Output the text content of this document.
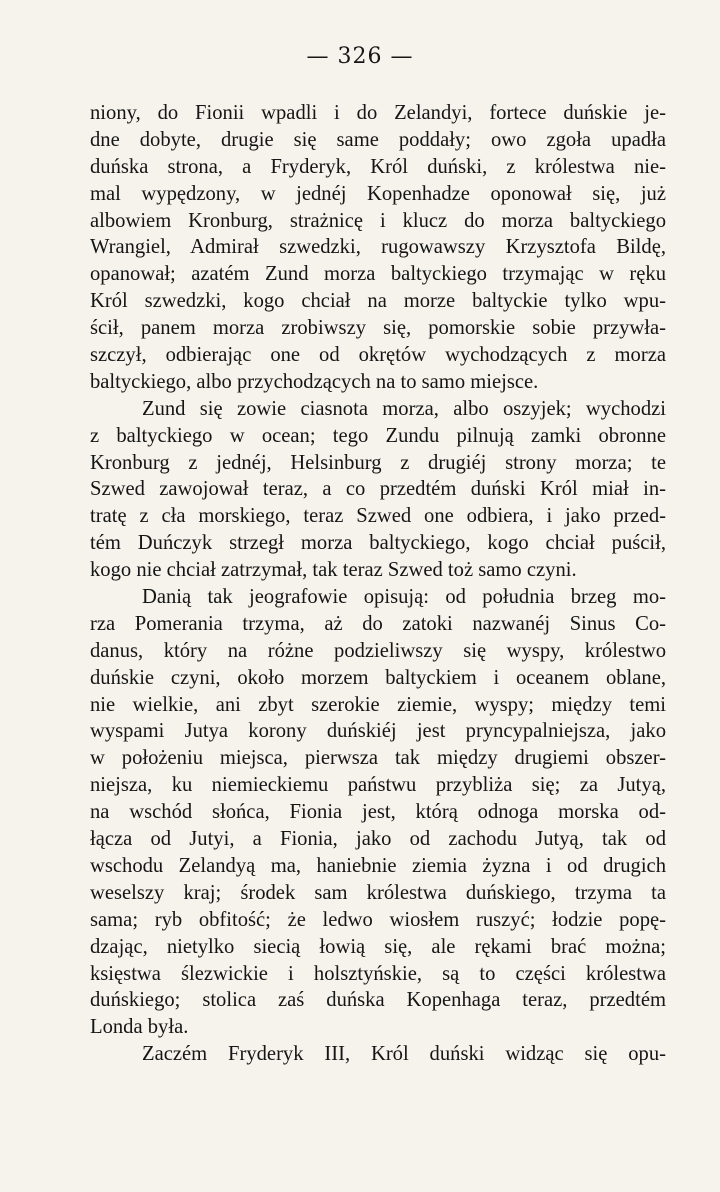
— 326 —
niony, do Fionii wpadli i do Zelandyi, fortece duńskie je-
dne dobyte, drugie się same poddały; owo zgoła upadła
duńska strona, a Fryderyk, Król duński, z królestwa nie-
mal wypędzony, w jednéj Kopenhadze oponował się, już
albowiem Kronburg, strażnicę i klucz do morza baltyckiego
Wrangiel, Admirał szwedzki, rugowawszy Krzysztofa Bildę,
opanował; azatém Zund morza baltyckiego trzymając w ręku
Król szwedzki, kogo chciał na morze baltyckie tylko wpu-
ścił, panem morza zrobiwszy się, pomorskie sobie przywła-
szczył, odbierając one od okrętów wychodzących z morza
baltyckiego, albo przychodzących na to samo miejsce.
Zund się zowie ciasnota morza, albo oszyjek; wychodzi
z baltyckiego w ocean; tego Zundu pilnują zamki obronne
Kronburg z jednéj, Helsinburg z drugiéj strony morza; te
Szwed zawojował teraz, a co przedtém duński Król miał in-
tratę z cła morskiego, teraz Szwed one odbiera, i jako przed-
tém Duńczyk strzegł morza baltyckiego, kogo chciał puścił,
kogo nie chciał zatrzymał, tak teraz Szwed toż samo czyni.
Danią tak jeografowie opisują: od południa brzeg mo-
rza Pomerania trzyma, aż do zatoki nazwanéj Sinus Co-
danus, który na różne podzieliwszy się wyspy, królestwo
duńskie czyni, około morzem baltyckiem i oceanem oblane,
nie wielkie, ani zbyt szerokie ziemie, wyspy; między temi
wyspami Jutya korony duńskiéj jest pryncypalniejsza, jako
w położeniu miejsca, pierwsza tak między drugiemi obszer-
niejsza, ku niemieckiemu państwu przybliża się; za Jutyą,
na wschód słońca, Fionia jest, którą odnoga morska od-
łącza od Jutyi, a Fionia, jako od zachodu Jutyą, tak od
wschodu Zelandyą ma, haniebnie ziemia żyzna i od drugich
weselszy kraj; środek sam królestwa duńskiego, trzyma ta
sama; ryb obfitość; że ledwo wiosłem ruszyć; łodzie popę-
dzając, nietylko siecią łowią się, ale rękami brać można;
księstwa ślezwickie i holsztyńskie, są to części królestwa
duńskiego; stolica zaś duńska Kopenhaga teraz, przedtém
Londa była.
Zaczém Fryderyk III, Król duński widząc się opu-
